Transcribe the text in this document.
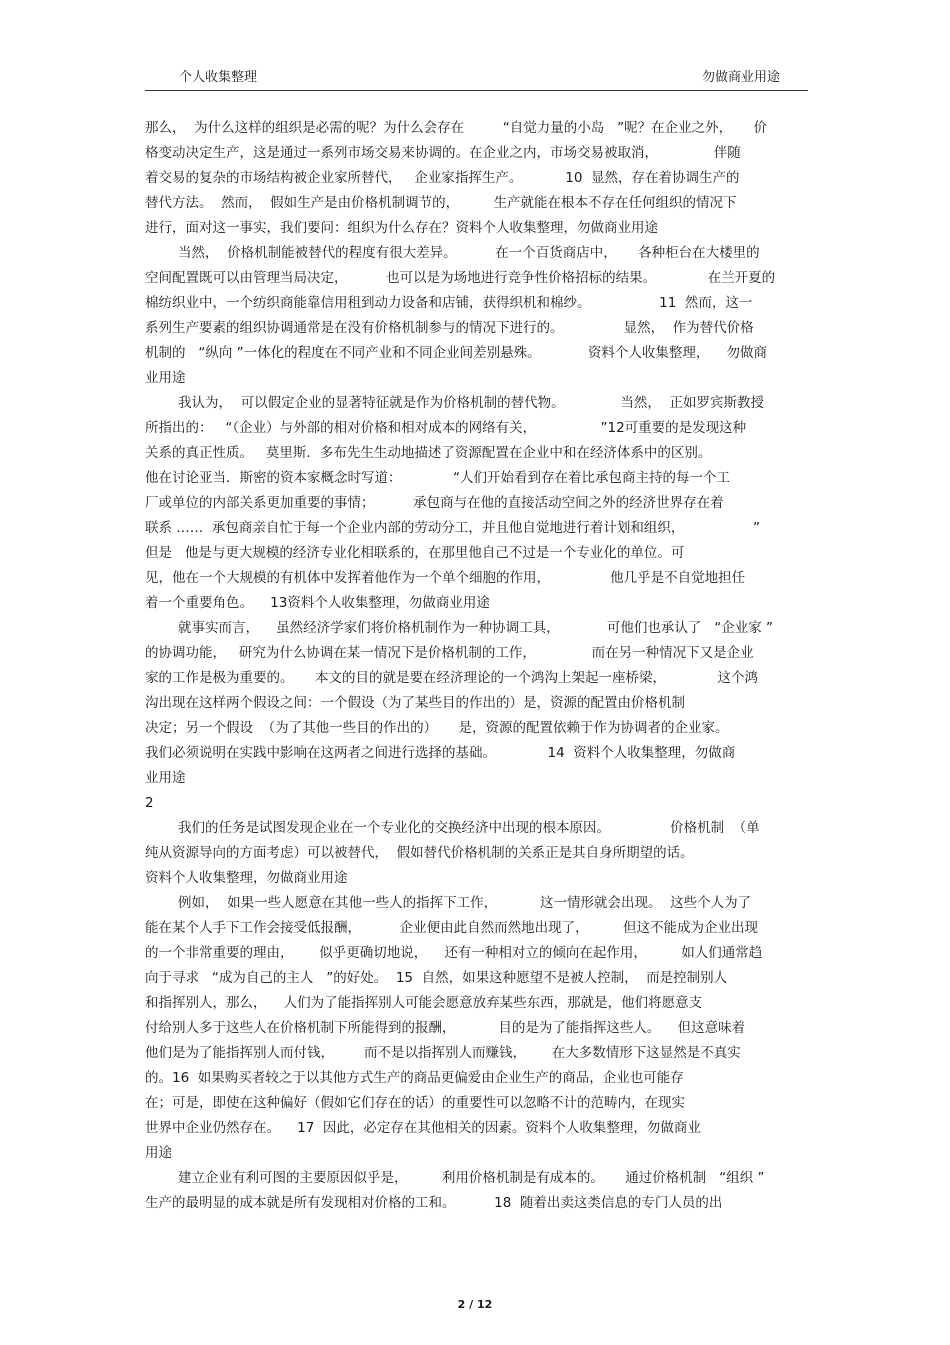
个人收集整理	勿做商业用途
那么，  为什么这样的组织是必需的呢？为什么会存在         “自觉力量的小岛   ”呢？在企业之外，     价
格变动决定生产，这是通过一系列市场交易来协调的。在企业之内，市场交易被取消，             伴随
着交易的复杂的市场结构被企业家所替代，   企业家指挥生产。          10  显然，存在着协调生产的
替代方法。  然而，  假如生产是由价格机制调节的，        生产就能在根本不存在任何组织的情况下
进行，面对这一事实，我们要问：组织为什么存在？资料个人收集整理，勿做商业用途
当然，  价格机制能被替代的程度有很大差异。         在一个百货商店中，     各种柜台在大楼里的
空间配置既可以由管理当局决定，         也可以是为场地进行竞争性价格招标的结果。            在兰开夏的
棉纺织业中，一个纺织商能靠信用租到动力设备和店铺，获得织机和棉纱。                11  然而，这一
系列生产要素的组织协调通常是在没有价格机制参与的情况下进行的。              显然，  作为替代价格
机制的   “纵向 ”一体化的程度在不同产业和不同企业间差别悬殊。           资料个人收集整理，    勿做商
业用途
我认为，  可以假定企业的显著特征就是作为价格机制的替代物。             当然，  正如罗宾斯教授
所指出的：   “（企业）与外部的相对价格和相对成本的网络有关，               ”12可重要的是发现这种
关系的真正性质。   莫里斯．多布先生生动地描述了资源配置在企业中和在经济体系中的区别。
他在讨论亚当．斯密的资本家概念时写道：            “人们开始看到存在着比承包商主持的每一个工
厂或单位的内部关系更加重要的事情；         承包商与在他的直接活动空间之外的经济世界存在着
联系 ……  承包商亲自忙于每一个企业内部的劳动分工，并且他自觉地进行着计划和组织，                ”
但是   他是与更大规模的经济专业化相联系的，在那里他自己不过是一个专业化的单位。可
见，他在一个大规模的有机体中发挥着他作为一个单个细胞的作用，              他几乎是不自觉地担任
着一个重要角色。    13资料个人收集整理，勿做商业用途
就事实而言，    虽然经济学家们将价格机制作为一种协调工具，           可他们也承认了   “企业家 ”
的协调功能，   研究为什么协调在某一情况下是价格机制的工作，             而在另一种情况下又是企业
家的工作是极为重要的。     本文的目的就是要在经济理论的一个鸿沟上架起一座桥梁，            这个鸿
沟出现在这样两个假设之间：一个假设（为了某些目的作出的）是，资源的配置由价格机制
决定；另一个假设  （为了其他一些目的作出的）     是，资源的配置依赖于作为协调者的企业家。
我们必须说明在实践中影响在这两者之间进行选择的基础。            14  资料个人收集整理，勿做商
业用途
2
我们的任务是试图发现企业在一个专业化的交换经济中出现的根本原因。              价格机制  （单
纯从资源导向的方面考虑）可以被替代，  假如替代价格机制的关系正是其自身所期望的话。
资料个人收集整理，勿做商业用途
例如，  如果一些人愿意在其他一些人的指挥下工作，          这一情形就会出现。  这些个人为了
能在某个人手下工作会接受低报酬，         企业便由此自然而然地出现了，        但这不能成为企业出现
的一个非常重要的理由，      似乎更确切地说，    还有一种相对立的倾向在起作用，        如人们通常趋
向于寻求   “成为自己的主人   ”的好处。  15  自然，如果这种愿望不是被人控制，  而是控制别人
和指挥别人，那么，    人们为了能指挥别人可能会愿意放弃某些东西，那就是，他们将愿意支
付给别人多于这些人在价格机制下所能得到的报酬，          目的是为了能指挥这些人。    但这意味着
他们是为了能指挥别人而付钱，       而不是以指挥别人而赚钱，      在大多数情形下这显然是不真实
的。16  如果购买者较之于以其他方式生产的商品更偏爱由企业生产的商品，企业也可能存
在；可是，即使在这种偏好（假如它们存在的话）的重要性可以忽略不计的范畴内，在现实
世界中企业仍然存在。    17  因此，必定存在其他相关的因素。资料个人收集整理，勿做商业
用途
建立企业有利可图的主要原因似乎是，        利用价格机制是有成本的。     通过价格机制   “组织 ”
生产的最明显的成本就是所有发现相对价格的工和。         18  随着出卖这类信息的专门人员的出
2 / 12
